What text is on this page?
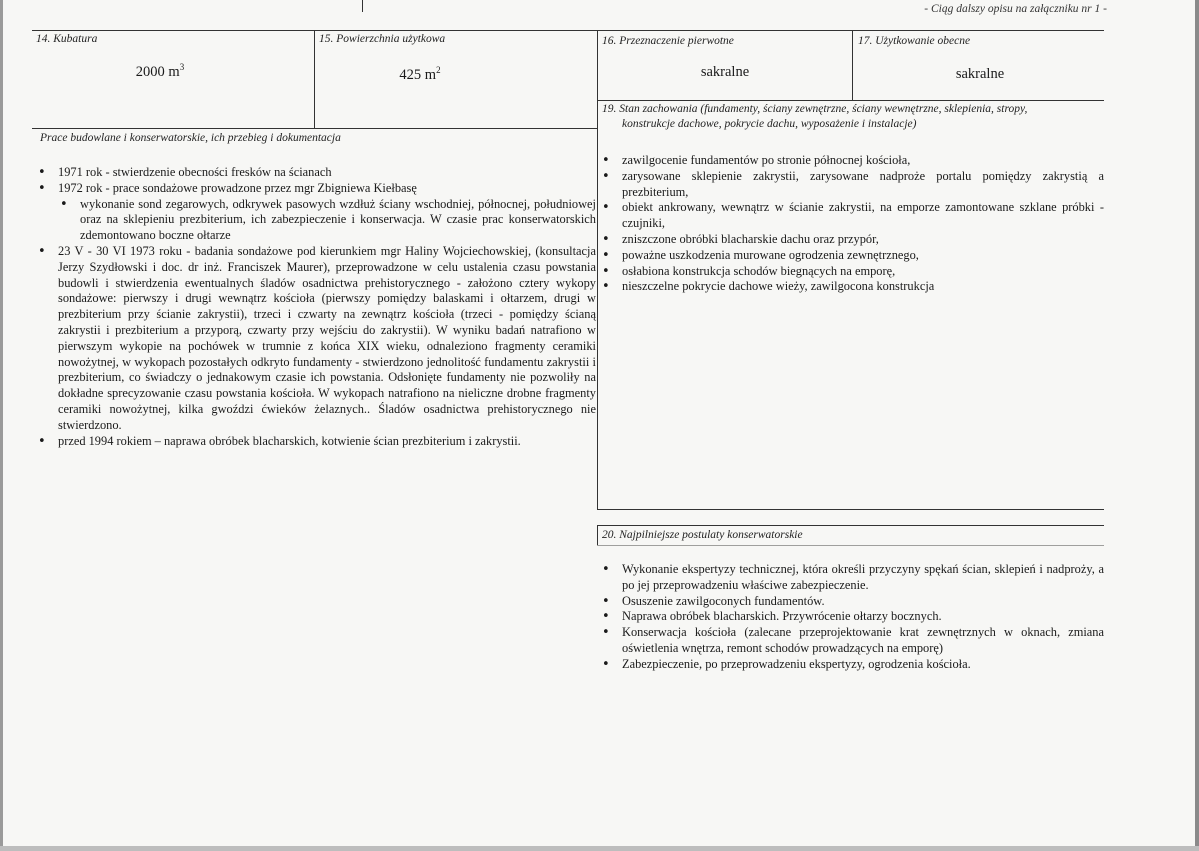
- Ciąg dalszy opisu na załączniku nr 1 -
14. Kubatura
2000 $m^3$
15. Powierzchnia użytkowa
425 $m^2$
16. Przeznaczenie pierwotne
sakralne
17. Użytkowanie obecne
sakralne
Prace budowlane i konserwatorskie, ich przebieg i dokumentacja
• 1971 rok - stwierdzenie obecności fresków na ścianach
• 1972 rok - prace sondażowe prowadzone przez mgr Zbigniewa Kiełbasę
• wykonanie sond zegarowych, odkrywek pasowych wzdłuż ściany wschodniej, północnej, południowej oraz na sklepieniu prezbiterium, ich zabezpieczenie i konserwacja. W czasie prac konserwatorskich zdemontowano boczne ołtarze
• 23 V - 30 VI 1973 roku - badania sondażowe pod kierunkiem mgr Haliny Wojciechowskiej, (konsultacja Jerzy Szydłowski i doc. dr inż. Franciszek Maurer), przeprowadzone w celu ustalenia czasu powstania budowli i stwierdzenia ewentualnych śladów osadnictwa prehistorycznego - założono cztery wykopy sondażowe: pierwszy i drugi wewnątrz kościoła (pierwszy pomiędzy balaskami i ołtarzem, drugi w prezbiterium przy ścianie zakrystii), trzeci i czwarty na zewnątrz kościoła (trzeci - pomiędzy ścianą zakrystii i prezbiterium a przyporą, czwarty przy wejściu do zakrystii). W wyniku badań natrafiono w pierwszym wykopie na pochówek w trumnie z końca XIX wieku, odnaleziono fragmenty ceramiki nowożytnej, w wykopach pozostałych odkryto fundamenty - stwierdzono jednolitość fundamentu zakrystii i prezbiterium, co świadczy o jednakowym czasie ich powstania. Odsłonięte fundamenty nie pozwoliły na dokładne sprecyzowanie czasu powstania kościoła. W wykopach natrafiono na nieliczne drobne fragmenty ceramiki nowożytnej, kilka gwoździ ćwieków żelaznych.. Śladów osadnictwa prehistorycznego nie stwierdzono.
• przed 1994 rokiem – naprawa obróbek blacharskich, kotwienie ścian prezbiterium i zakrystii.
19. Stan zachowania (fundamenty, ściany zewnętrzne, ściany wewnętrzne, sklepienia, stropy,
konstrukcje dachowe, pokrycie dachu, wyposażenie i instalacje)
• zawilgocenie fundamentów po stronie północnej kościoła,
• zarysowane sklepienie zakrystii, zarysowane nadproże portalu pomiędzy zakrystią a prezbiterium,
• obiekt ankrowany, wewnątrz w ścianie zakrystii, na emporze zamontowane szklane próbki - czujniki,
• zniszczone obróbki blacharskie dachu oraz przypór,
• poważne uszkodzenia murowane ogrodzenia zewnętrznego,
• osłabiona konstrukcja schodów biegnących na emporę,
• nieszczelne pokrycie dachowe wieży, zawilgocona konstrukcja
20. Najpilniejsze postulaty konserwatorskie
• Wykonanie ekspertyzy technicznej, która określi przyczyny spękań ścian, sklepień i nadproży, a po jej przeprowadzeniu właściwe zabezpieczenie.
• Osuszenie zawilgoconych fundamentów.
• Naprawa obróbek blacharskich. Przywrócenie ołtarzy bocznych.
• Konserwacja kościoła (zalecane przeprojektowanie krat zewnętrznych w oknach, zmiana oświetlenia wnętrza, remont schodów prowadzących na emporę)
• Zabezpieczenie, po przeprowadzeniu ekspertyzy, ogrodzenia kościoła.
